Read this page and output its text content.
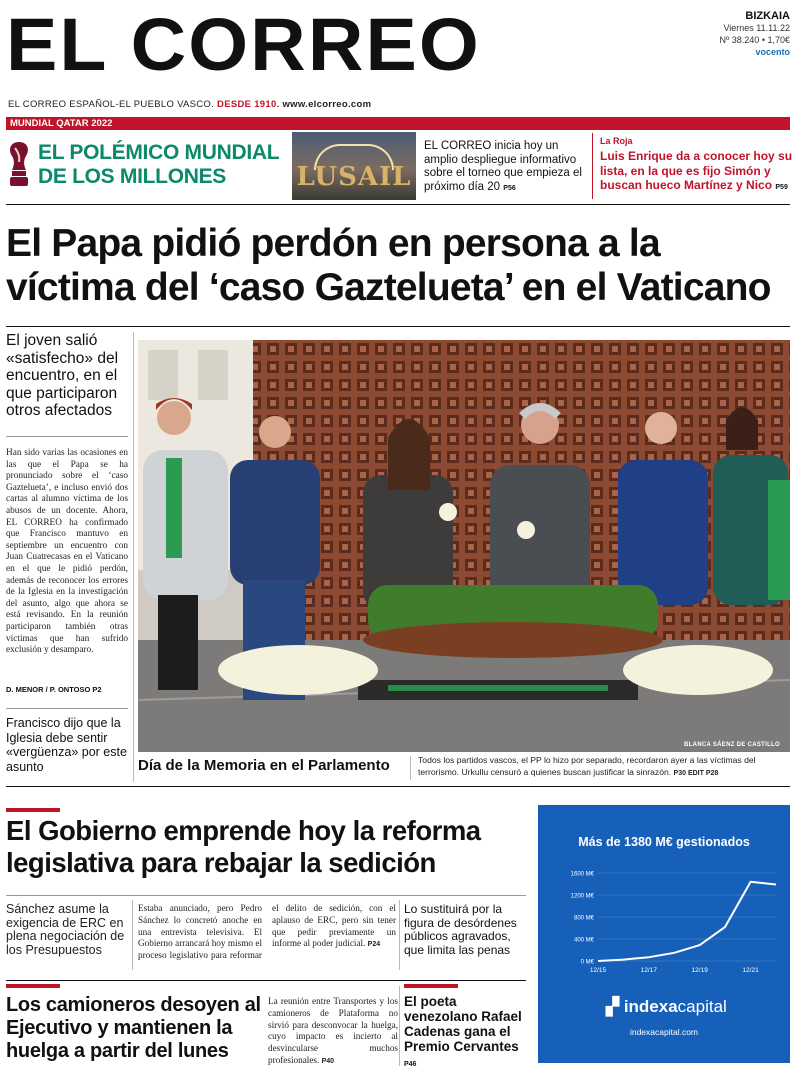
EL CORREO	BIZKAIA
Viernes 11.11.22
Nº 38.240 • 1,70€
vocento
EL CORREO ESPAÑOL-EL PUEBLO VASCO. DESDE 1910. www.elcorreo.com
MUNDIAL QATAR 2022
EL POLÉMICO MUNDIAL DE LOS MILLONES	LUSAIL
EL CORREO inicia hoy un amplio despliegue informativo sobre el torneo que empieza el próximo día 20 P56
La Roja
Luis Enrique da a conocer hoy su lista, en la que es fijo Simón y buscan hueco Martínez y Nico P59
El Papa pidió perdón en persona a la víctima del ‘caso Gaztelueta’ en el Vaticano
El joven salió «satisfecho» del encuentro, en el que participaron otros afectados
Han sido varias las ocasiones en las que el Papa se ha pronunciado sobre el ‘caso Gaztelueta’, e incluso envió dos cartas al alumno víctima de los abusos de un docente. Ahora, EL CORREO ha confirmado que Francisco mantuvo en septiembre un encuentro con Juan Cuatrecasas en el Vaticano en el que le pidió perdón, además de reconocer los errores de la Iglesia en la investigación del asunto, algo que ahora se está revisando. En la reunión participaron también otras víctimas que han sufrido exclusión y desamparo.
D. MENOR / P. ONTOSO P2
Francisco dijo que la Iglesia debe sentir «vergüenza» por este asunto
BLANCA SÁENZ DE CASTILLO
Día de la Memoria en el Parlamento	Todos los partidos vascos, el PP lo hizo por separado, recordaron ayer a las víctimas del terrorismo. Urkullu censuró a quienes buscan justificar la sinrazón. P30 EDIT P28
El Gobierno emprende hoy la reforma legislativa para rebajar la sedición
Sánchez asume la exigencia de ERC en plena negociación de los Presupuestos
Estaba anunciado, pero Pedro Sánchez lo concretó anoche en una entrevista televisiva. El Gobierno arrancará hoy mismo el proceso legislativo para reformar el delito de sedición, con el aplauso de ERC, pero sin tener que pedir previamente un informe al poder judicial. P24
Lo sustituirá por la figura de desórdenes públicos agravados, que limita las penas
Los camioneros desoyen al Ejecutivo y mantienen la huelga a partir del lunes
La reunión entre Transportes y los camioneros de Plataforma no sirvió para desconvocar la huelga, cuyo impacto es incierto al desvincularse muchos profesionales. P40
El poeta venezolano Rafael Cadenas gana el Premio Cervantes P46
Más de 1380 M€ gestionados
0 M€
400 M€
800 M€
1200 M€
1600 M€
12/15	12/17	12/19	12/21
▞ indexacapital
indexacapital.com
